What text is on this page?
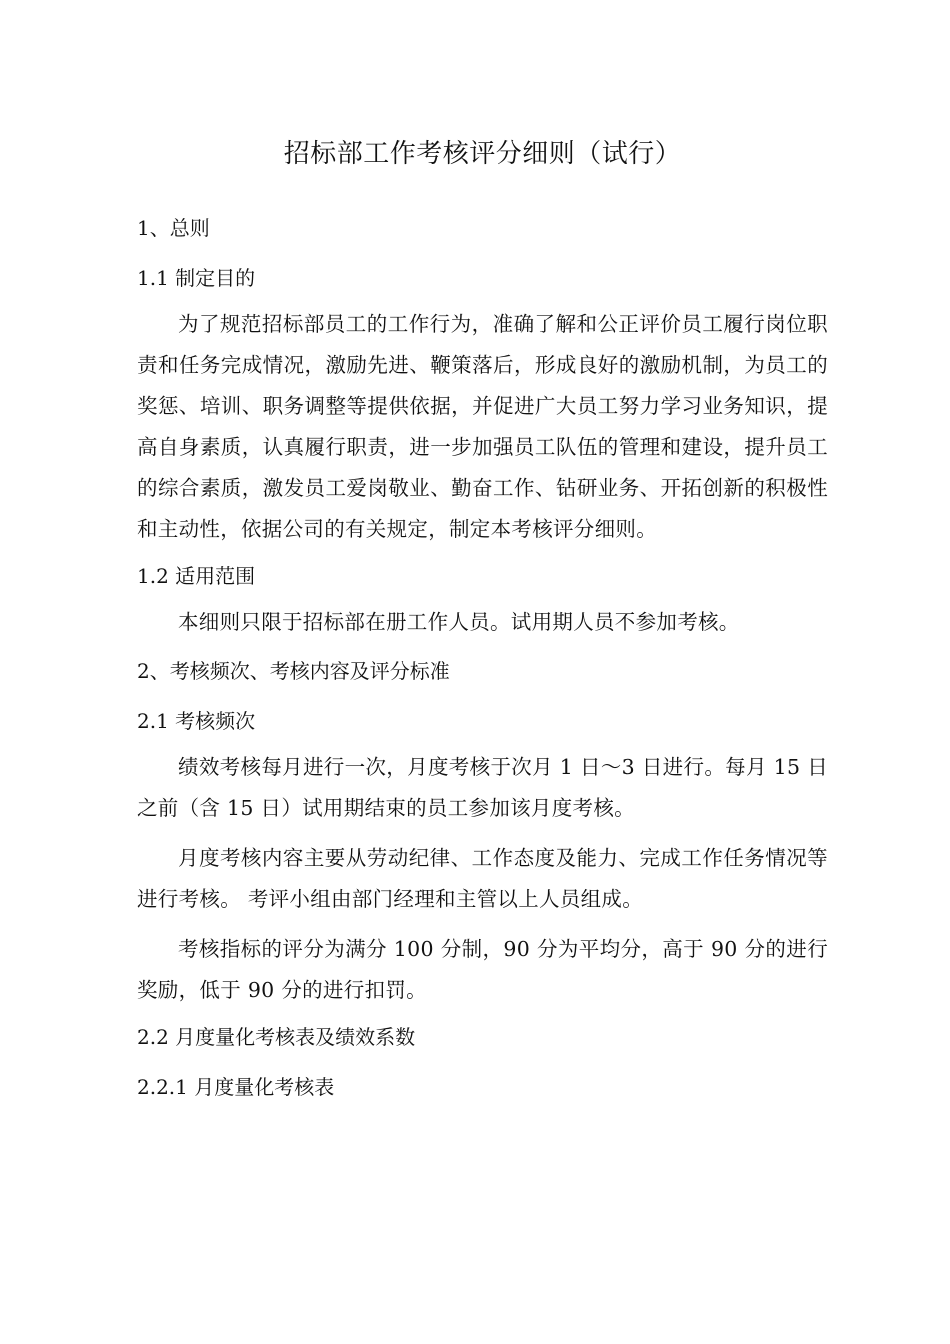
招标部工作考核评分细则（试行）
1、总则
1.1 制定目的

为了规范招标部员工的工作行为，准确了解和公正评价员工履行岗位职责和任务完成情况，激励先进、鞭策落后，形成良好的激励机制，为员工的奖惩、培训、职务调整等提供依据，并促进广大员工努力学习业务知识，提高自身素质，认真履行职责，进一步加强员工队伍的管理和建设，提升员工的综合素质，激发员工爱岗敬业、勤奋工作、钻研业务、开拓创新的积极性和主动性，依据公司的有关规定，制定本考核评分细则。

1.2 适用范围

本细则只限于招标部在册工作人员。试用期人员不参加考核。

2、考核频次、考核内容及评分标准
2.1 考核频次

绩效考核每月进行一次，月度考核于次月 1 日～3 日进行。每月 15 日之前（含 15 日）试用期结束的员工参加该月度考核。

月度考核内容主要从劳动纪律、工作态度及能力、完成工作任务情况等进行考核。 考评小组由部门经理和主管以上人员组成。

考核指标的评分为满分 100 分制，90 分为平均分，高于 90 分的进行奖励，低于 90 分的进行扣罚。

2.2 月度量化考核表及绩效系数
2.2.1 月度量化考核表
